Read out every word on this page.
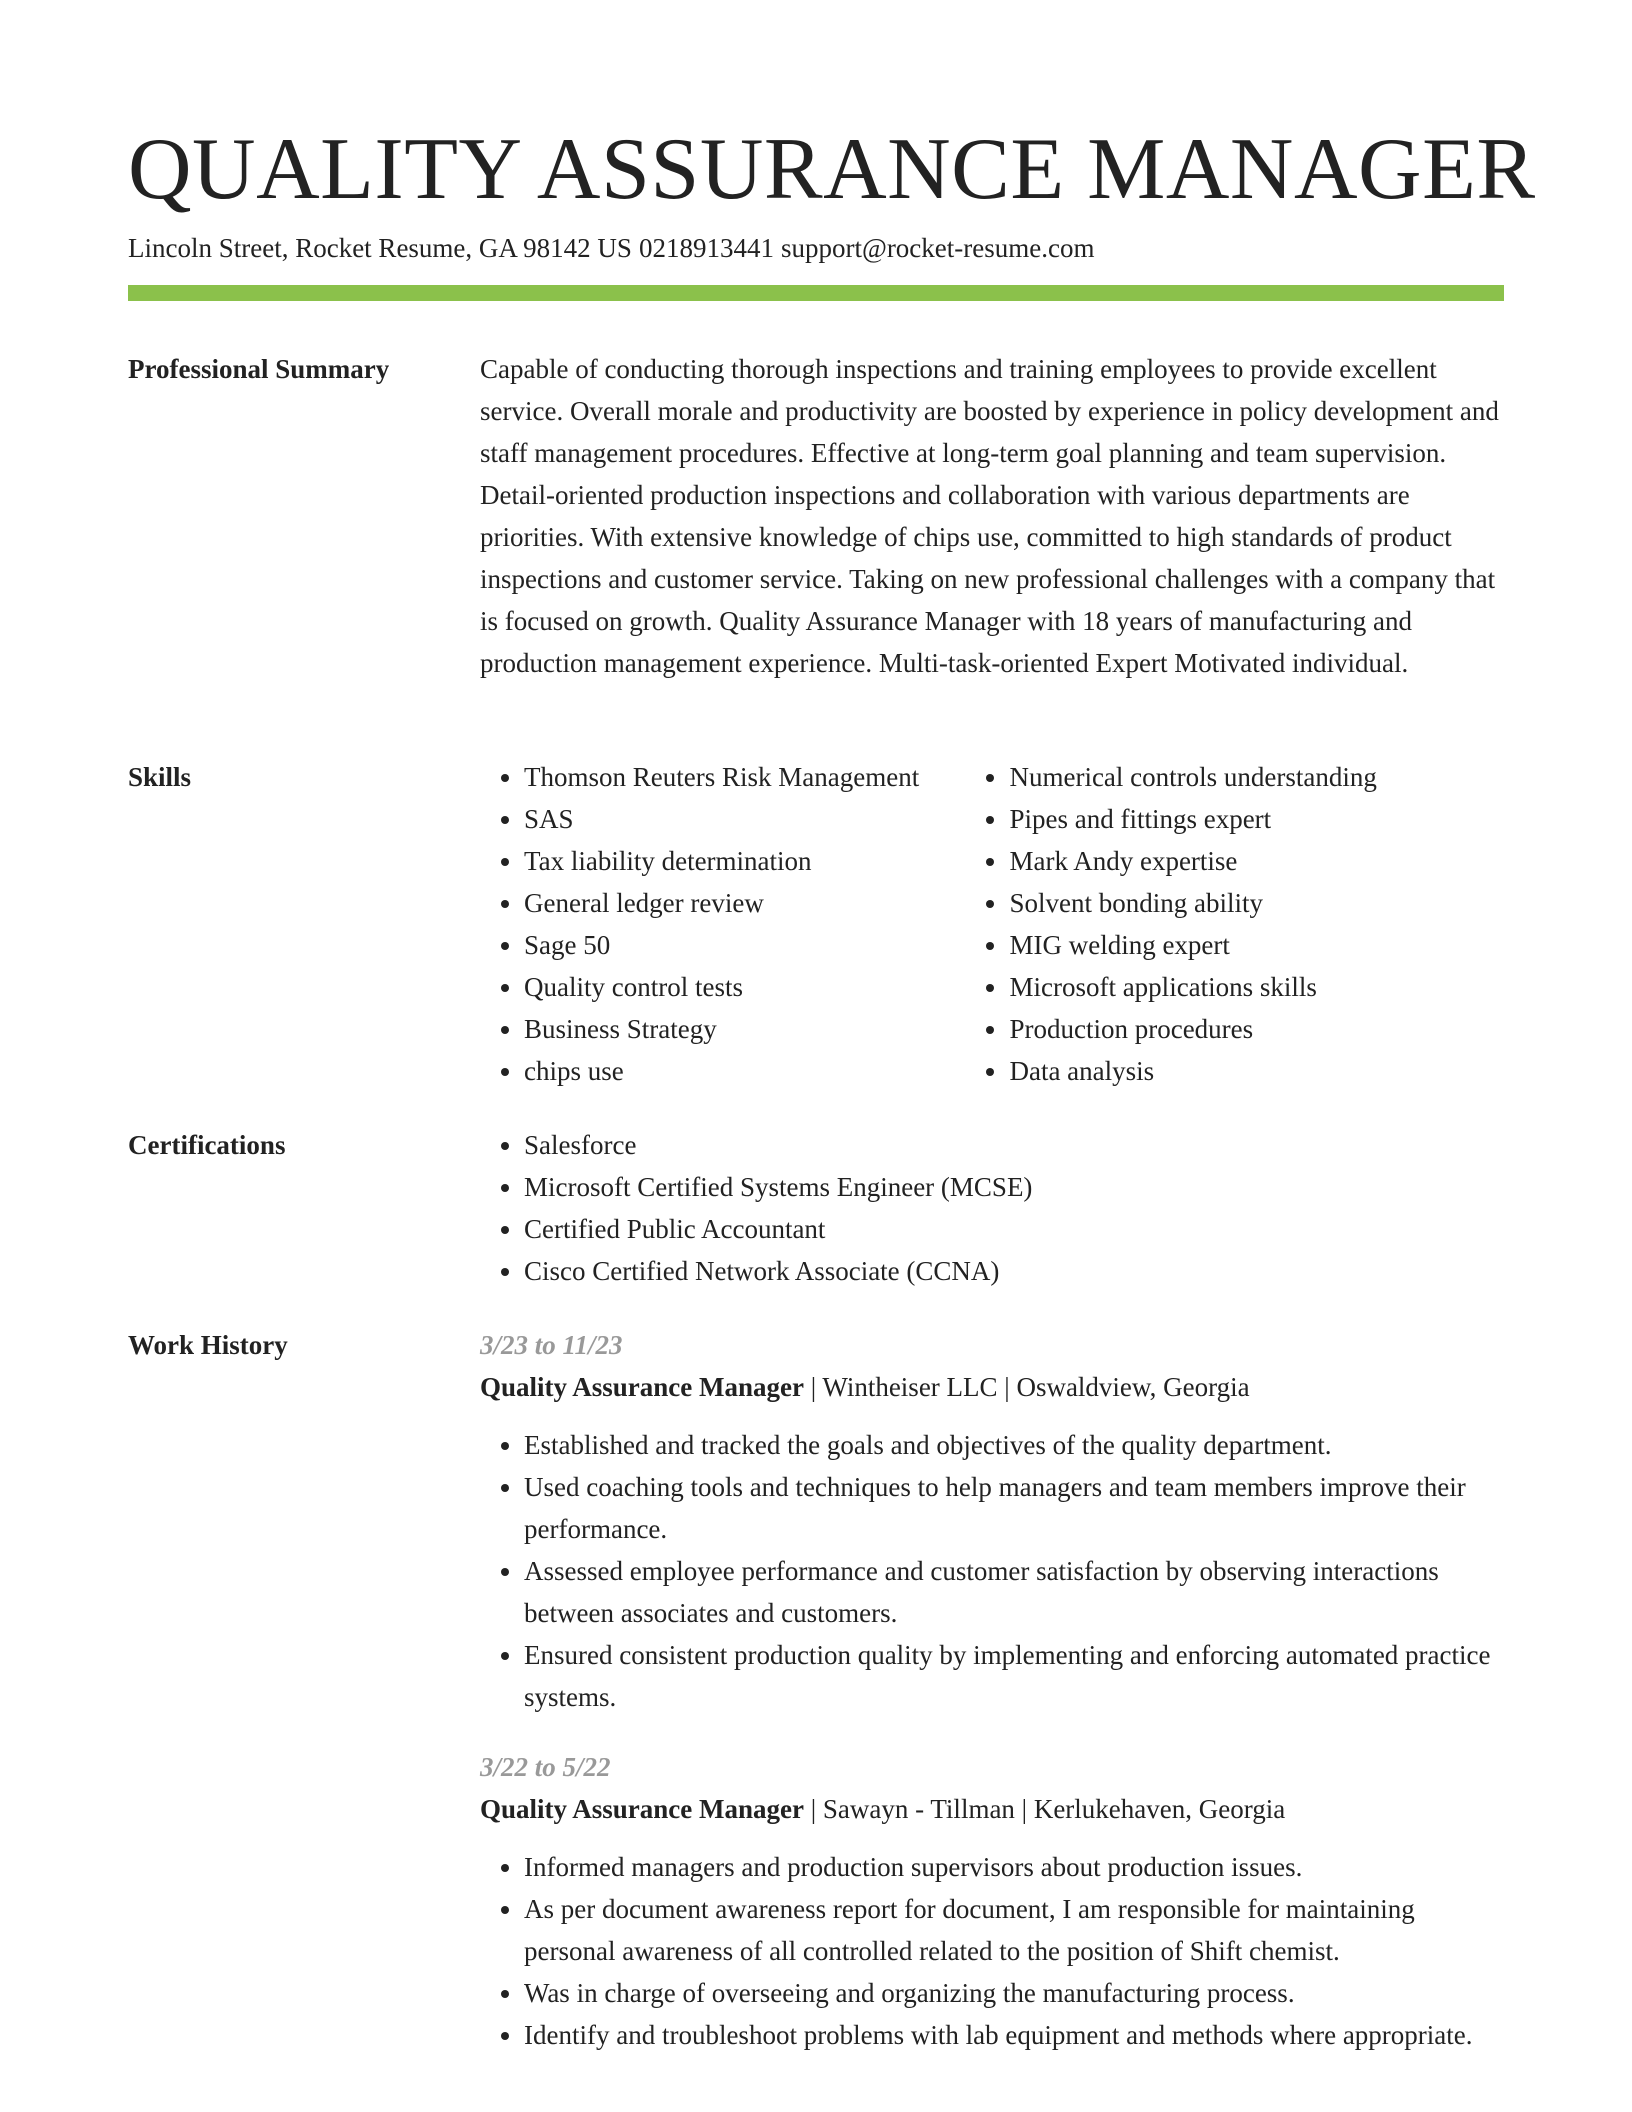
QUALITY ASSURANCE MANAGER
Lincoln Street, Rocket Resume, GA 98142 US 0218913441 support@rocket-resume.com
Professional Summary	Capable of conducting thorough inspections and training employees to provide excellent service. Overall morale and productivity are boosted by experience in policy development and staff management procedures. Effective at long-term goal planning and team supervision. Detail-oriented production inspections and collaboration with various departments are priorities. With extensive knowledge of chips use, committed to high standards of product inspections and customer service. Taking on new professional challenges with a company that is focused on growth. Quality Assurance Manager with 18 years of manufacturing and production management experience. Multi-task-oriented Expert Motivated individual.

Skills	• Thomson Reuters Risk Management
• SAS
• Tax liability determination
• General ledger review
• Sage 50
• Quality control tests
• Business Strategy
• chips use
• Numerical controls understanding
• Pipes and fittings expert
• Mark Andy expertise
• Solvent bonding ability
• MIG welding expert
• Microsoft applications skills
• Production procedures
• Data analysis
Certifications	• Salesforce
• Microsoft Certified Systems Engineer (MCSE)
• Certified Public Accountant
• Cisco Certified Network Associate (CCNA)
Work History	3/23 to 11/23
Quality Assurance Manager | Wintheiser LLC | Oswaldview, Georgia
• Established and tracked the goals and objectives of the quality department.
• Used coaching tools and techniques to help managers and team members improve their performance.
• Assessed employee performance and customer satisfaction by observing interactions between associates and customers.
• Ensured consistent production quality by implementing and enforcing automated practice systems.
3/22 to 5/22
Quality Assurance Manager | Sawayn - Tillman | Kerlukehaven, Georgia
• Informed managers and production supervisors about production issues.
• As per document awareness report for document, I am responsible for maintaining personal awareness of all controlled related to the position of Shift chemist.
• Was in charge of overseeing and organizing the manufacturing process.
• Identify and troubleshoot problems with lab equipment and methods where appropriate.
